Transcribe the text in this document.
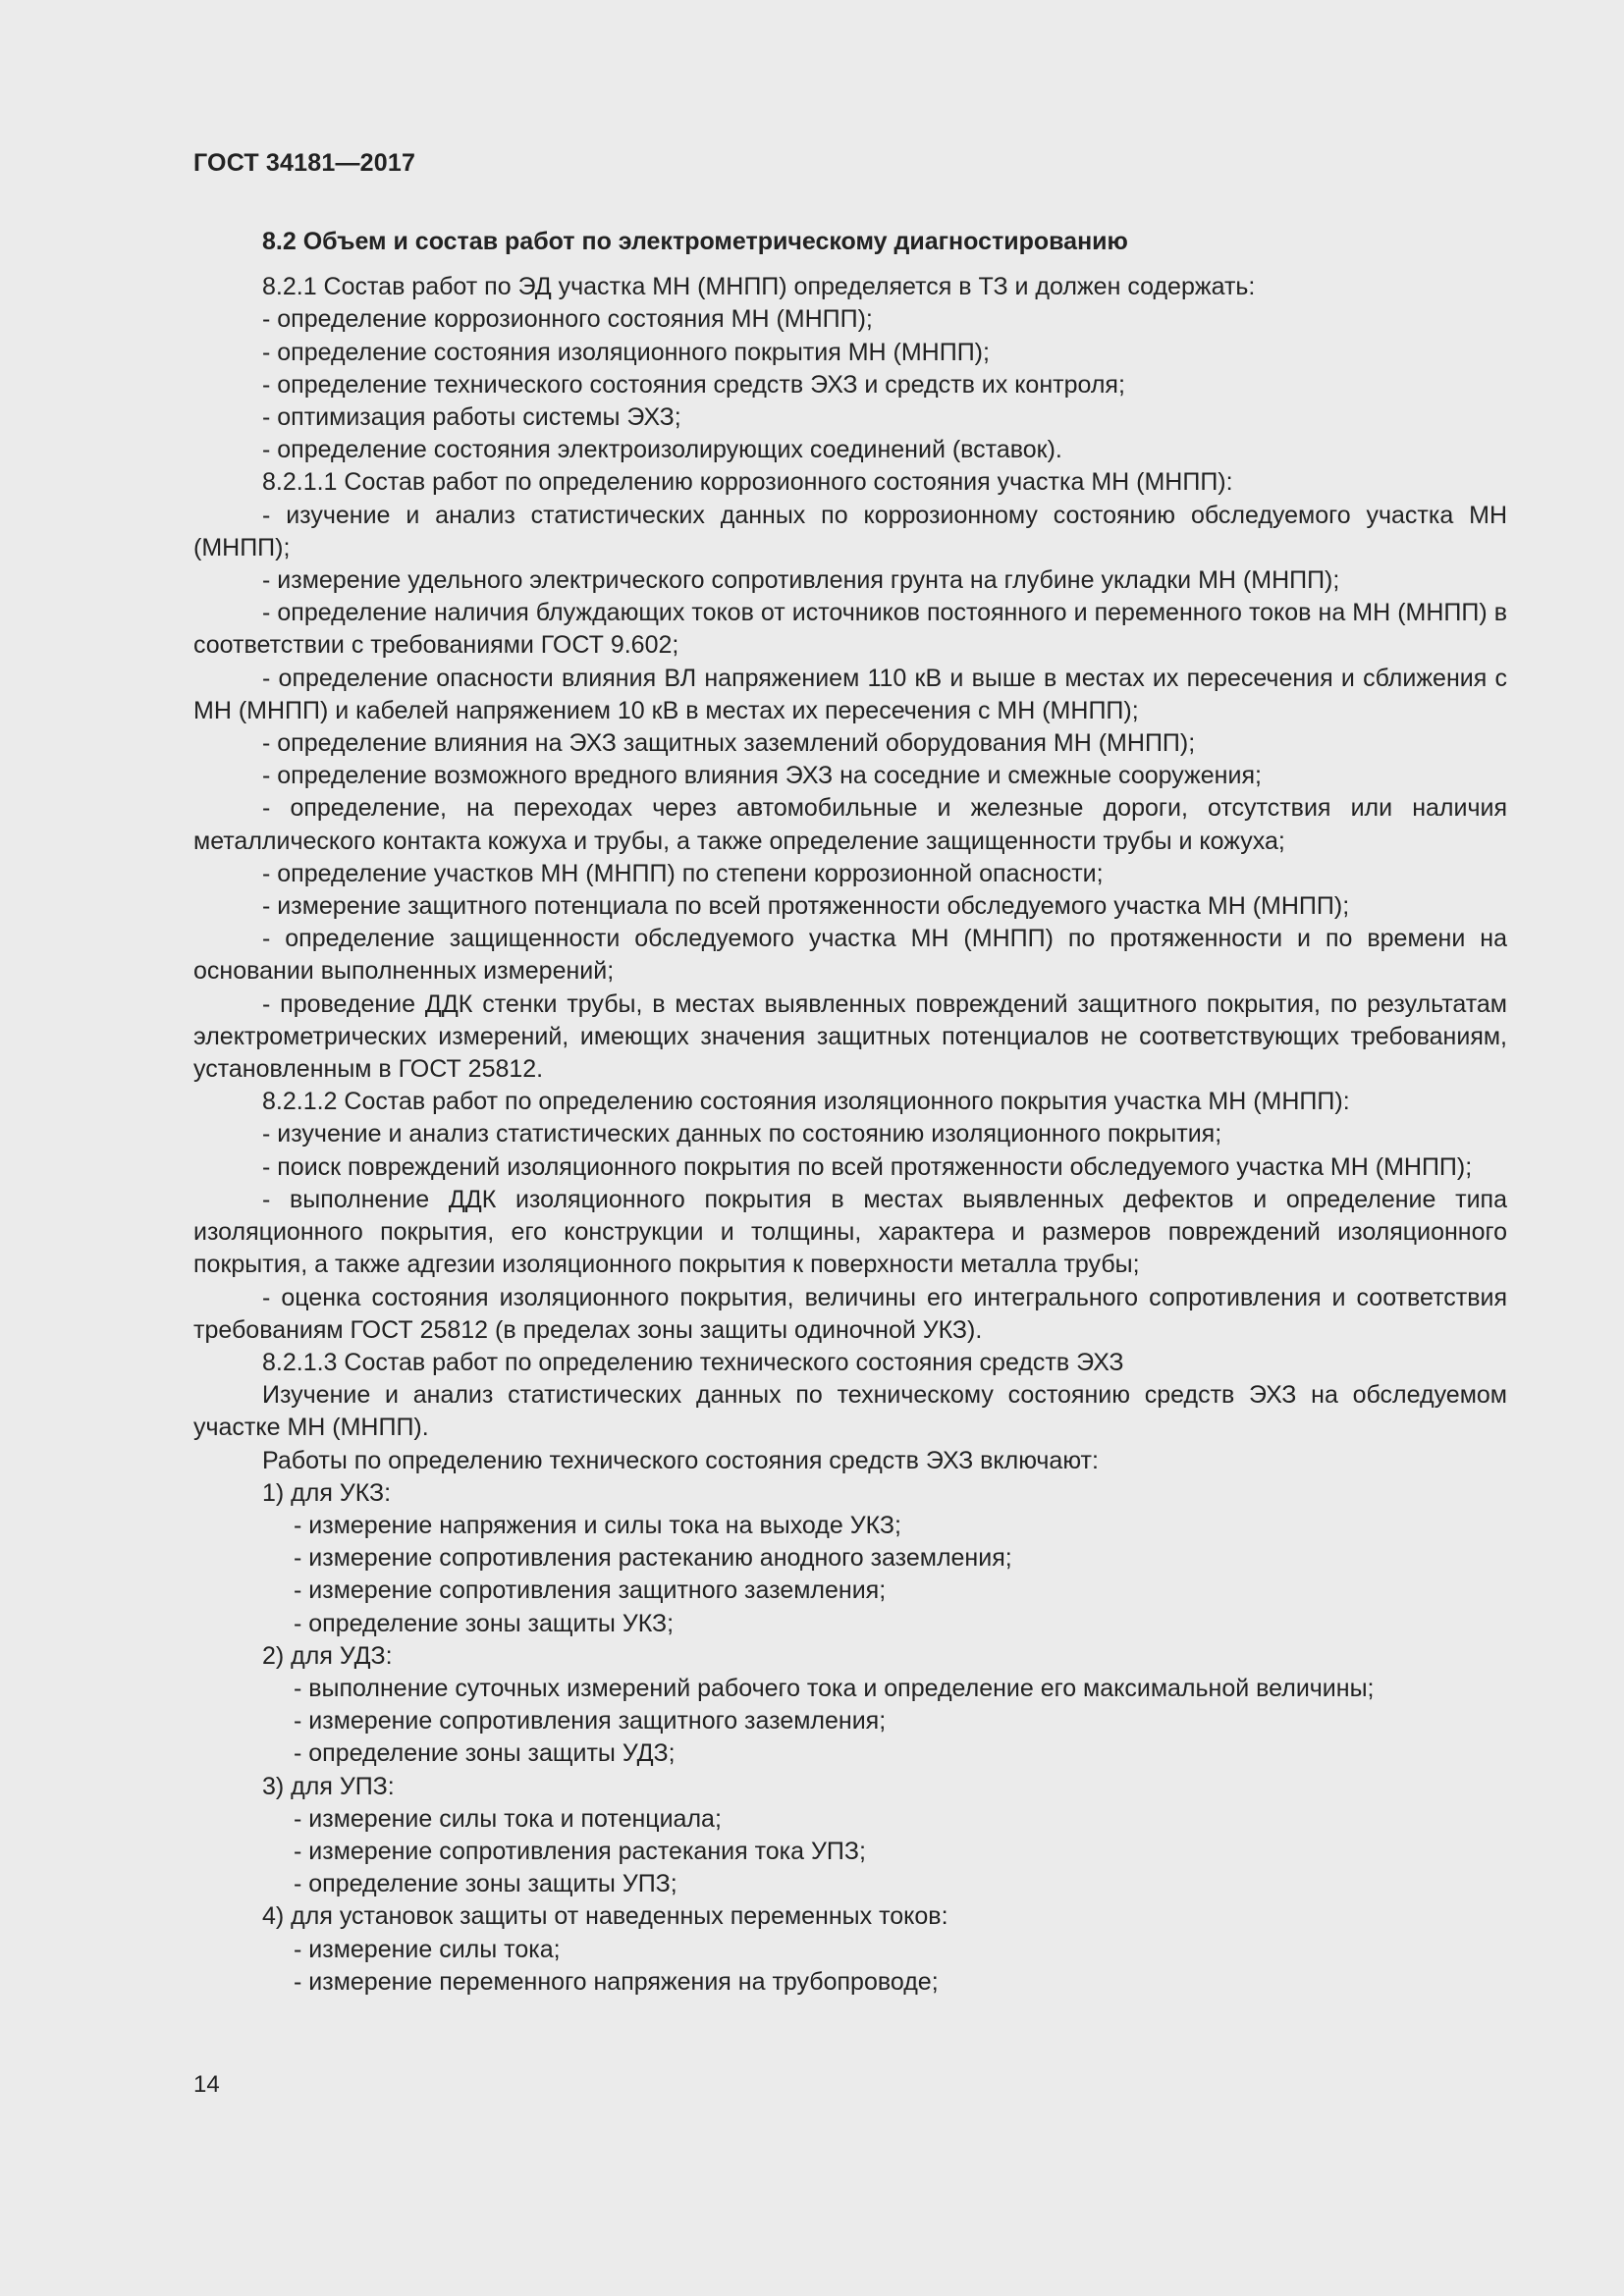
ГОСТ 34181—2017

8.2 Объем и состав работ по электрометрическому диагностированию

8.2.1 Состав работ по ЭД участка МН (МНПП) определяется в ТЗ и должен содержать:

- определение коррозионного состояния МН (МНПП);

- определение состояния изоляционного покрытия МН (МНПП);

- определение технического состояния средств ЭХЗ и средств их контроля;

- оптимизация работы системы ЭХЗ;

- определение состояния электроизолирующих соединений (вставок).

8.2.1.1 Состав работ по определению коррозионного состояния участка МН (МНПП):

- изучение и анализ статистических данных по коррозионному состоянию обследуемого участка МН (МНПП);

- измерение удельного электрического сопротивления грунта на глубине укладки МН (МНПП);

- определение наличия блуждающих токов от источников постоянного и переменного токов на МН (МНПП) в соответствии с требованиями ГОСТ 9.602;

- определение опасности влияния ВЛ напряжением 110 кВ и выше в местах их пересечения и сближения с МН (МНПП) и кабелей напряжением 10 кВ в местах их пересечения с МН (МНПП);

- определение влияния на ЭХЗ защитных заземлений оборудования МН (МНПП);

- определение возможного вредного влияния ЭХЗ на соседние и смежные сооружения;

- определение, на переходах через автомобильные и железные дороги, отсутствия или наличия металлического контакта кожуха и трубы, а также определение защищенности трубы и кожуха;

- определение участков МН (МНПП) по степени коррозионной опасности;

- измерение защитного потенциала по всей протяженности обследуемого участка МН (МНПП);

- определение защищенности обследуемого участка МН (МНПП) по протяженности и по времени на основании выполненных измерений;

- проведение ДДК стенки трубы, в местах выявленных повреждений защитного покрытия, по результатам электрометрических измерений, имеющих значения защитных потенциалов не соответствующих требованиям, установленным в ГОСТ 25812.

8.2.1.2 Состав работ по определению состояния изоляционного покрытия участка МН (МНПП):

- изучение и анализ статистических данных по состоянию изоляционного покрытия;

- поиск повреждений изоляционного покрытия по всей протяженности обследуемого участка МН (МНПП);

- выполнение ДДК изоляционного покрытия в местах выявленных дефектов и определение типа изоляционного покрытия, его конструкции и толщины, характера и размеров повреждений изоляционного покрытия, а также адгезии изоляционного покрытия к поверхности металла трубы;

- оценка состояния изоляционного покрытия, величины его интегрального сопротивления и соответствия требованиям ГОСТ 25812 (в пределах зоны защиты одиночной УКЗ).

8.2.1.3 Состав работ по определению технического состояния средств ЭХЗ

Изучение и анализ статистических данных по техническому состоянию средств ЭХЗ на обследуемом участке МН (МНПП).

Работы по определению технического состояния средств ЭХЗ включают:

1) для УКЗ:

- измерение напряжения и силы тока на выходе УКЗ;

- измерение сопротивления растеканию анодного заземления;

- измерение сопротивления защитного заземления;

- определение зоны защиты УКЗ;

2) для УДЗ:

- выполнение суточных измерений рабочего тока и определение его максимальной величины;

- измерение сопротивления защитного заземления;

- определение зоны защиты УДЗ;

3) для УПЗ:

- измерение силы тока и потенциала;

- измерение сопротивления растекания тока УПЗ;

- определение зоны защиты УПЗ;

4) для установок защиты от наведенных переменных токов:

- измерение силы тока;

- измерение переменного напряжения на трубопроводе;

14
